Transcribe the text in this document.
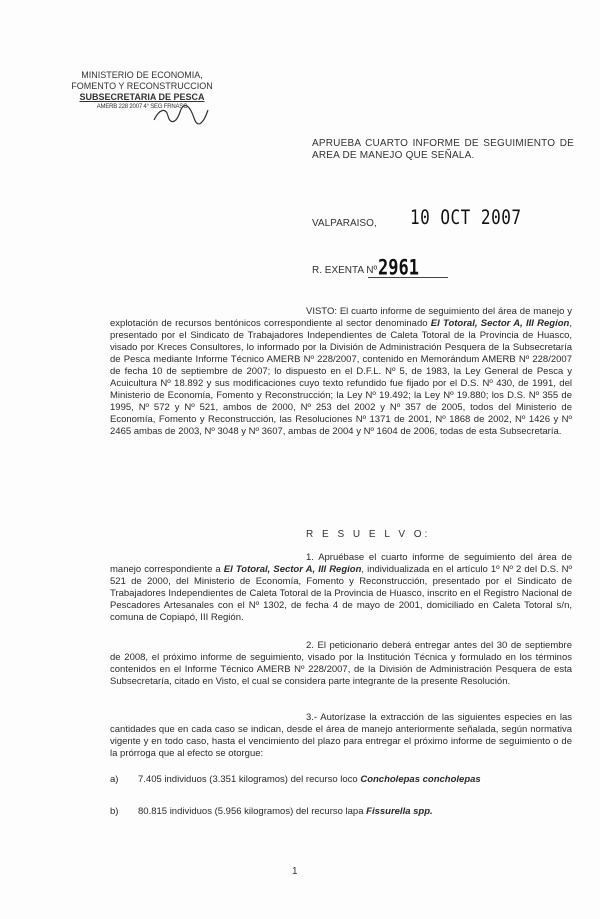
MINISTERIO DE ECONOMIA,
FOMENTO Y RECONSTRUCCION
SUBSECRETARIA DE PESCA
AMERB 228 2007 4° SEG FRNASC
APRUEBA CUARTO INFORME DE SEGUIMIENTO DE AREA DE MANEJO QUE SEÑALA.
VALPARAISO, 10 OCT 2007
R. EXENTA Nº 2961

VISTO: El cuarto informe de seguimiento del área de manejo y explotación de recursos bentónicos correspondiente al sector denominado El Totoral, Sector A, III Region, presentado por el Sindicato de Trabajadores Independientes de Caleta Totoral de la Provincia de Huasco, visado por Kreces Consultores, lo informado por la División de Administración Pesquera de la Subsecretaría de Pesca mediante Informe Técnico AMERB Nº 228/2007, contenido en Memorándum AMERB Nº 228/2007 de fecha 10 de septiembre de 2007; lo dispuesto en el D.F.L. Nº 5, de 1983, la Ley General de Pesca y Acuicultura Nº 18.892 y sus modificaciones cuyo texto refundido fue fijado por el D.S. Nº 430, de 1991, del Ministerio de Economía, Fomento y Reconstrucción; la Ley Nº 19.492; la Ley Nº 19.880; los D.S. Nº 355 de 1995, Nº 572 y Nº 521, ambos de 2000, Nº 253 del 2002 y Nº 357 de 2005, todos del Ministerio de Economía, Fomento y Reconstrucción, las Resoluciones Nº 1371 de 2001, Nº 1868 de 2002, Nº 1426 y Nº 2465 ambas de 2003, Nº 3048 y Nº 3607, ambas de 2004 y Nº 1604 de 2006, todas de esta Subsecretaría.

R E S U E L V O:

1. Apruébase el cuarto informe de seguimiento del área de manejo correspondiente a El Totoral, Sector A, III Region, individualizada en el artículo 1º Nº 2 del D.S. Nº 521 de 2000, del Ministerio de Economía, Fomento y Reconstrucción, presentado por el Sindicato de Trabajadores Independientes de Caleta Totoral de la Provincia de Huasco, inscrito en el Registro Nacional de Pescadores Artesanales con el Nº 1302, de fecha 4 de mayo de 2001, domiciliado en Caleta Totoral s/n, comuna de Copiapó, III Región.

2. El peticionario deberá entregar antes del 30 de septiembre de 2008, el próximo informe de seguimiento, visado por la Institución Técnica y formulado en los términos contenidos en el Informe Técnico AMERB Nº 228/2007, de la División de Administración Pesquera de esta Subsecretaría, citado en Visto, el cual se considera parte integrante de la presente Resolución.

3.- Autorízase la extracción de las siguientes especies en las cantidades que en cada caso se indican, desde el área de manejo anteriormente señalada, según normativa vigente y en todo caso, hasta el vencimiento del plazo para entregar el próximo informe de seguimiento o de la prórroga que al efecto se otorgue:

a) 7.405 individuos (3.351 kilogramos) del recurso loco Concholepas concholepas
b) 80.815 individuos (5.956 kilogramos) del recurso lapa Fissurella spp.
1
